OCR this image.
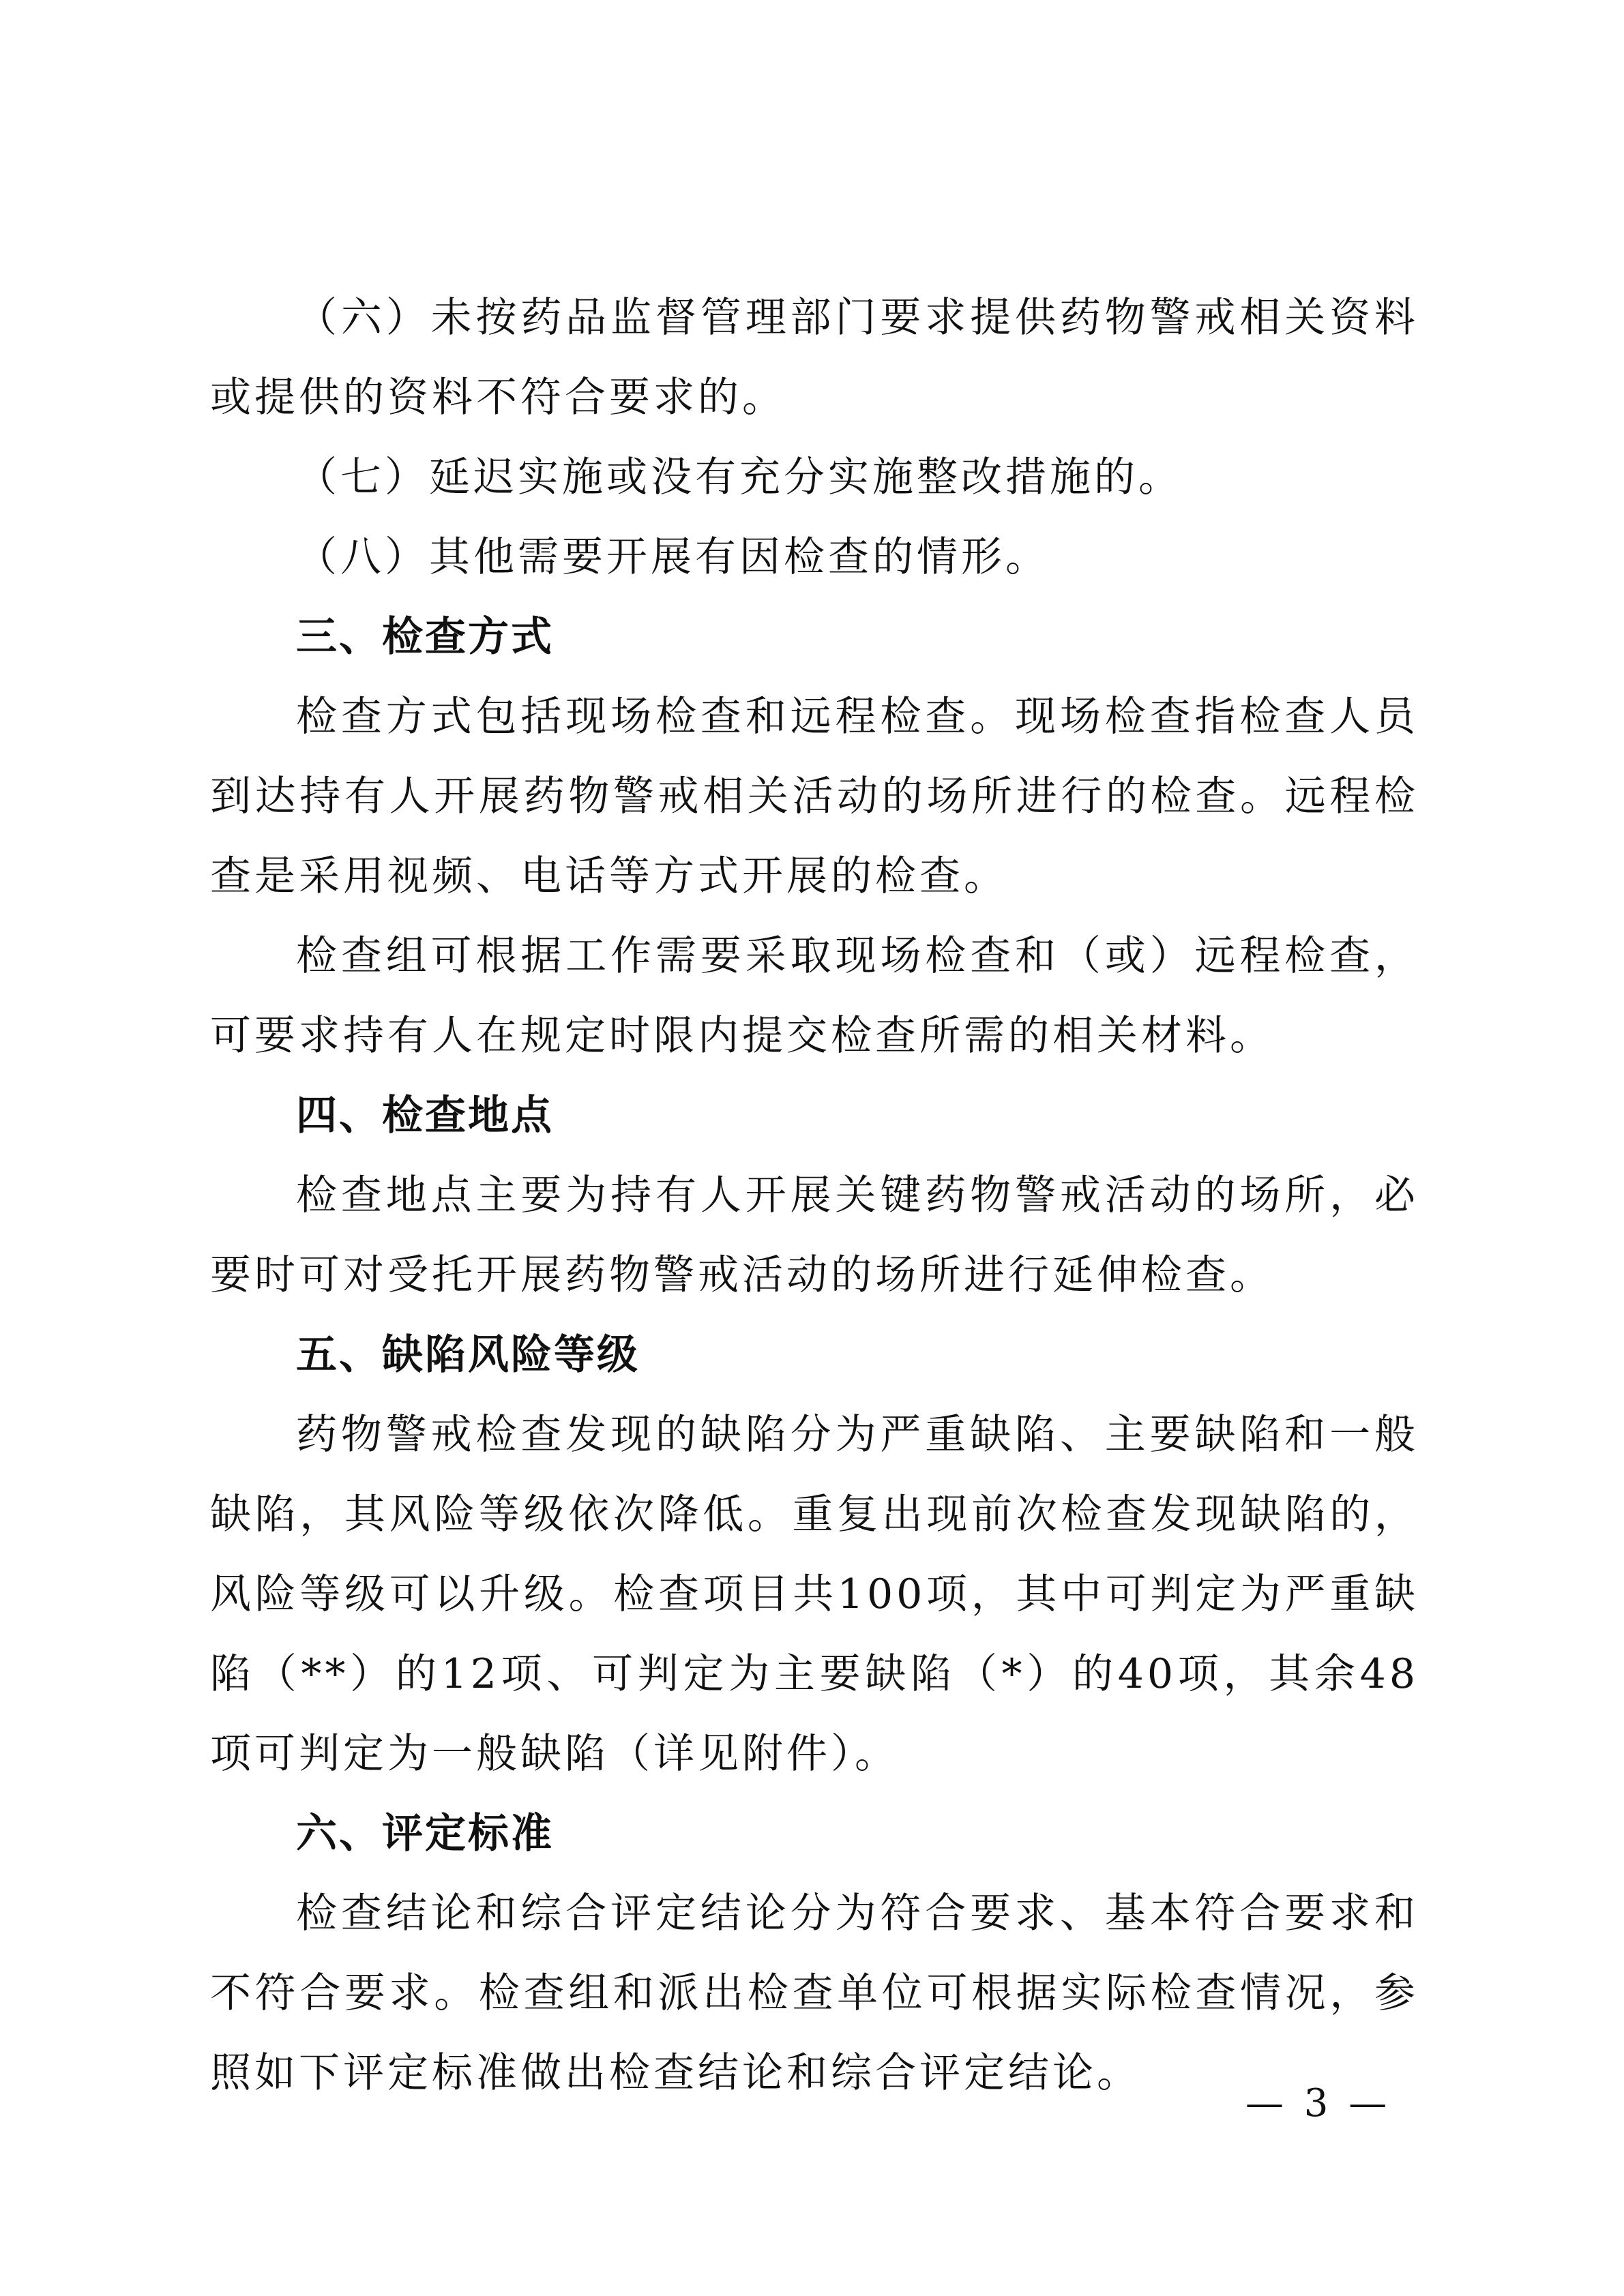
（六）未按药品监督管理部门要求提供药物警戒相关资料或提供的资料不符合要求的。

（七）延迟实施或没有充分实施整改措施的。

（八）其他需要开展有因检查的情形。

三、检查方式

检查方式包括现场检查和远程检查。现场检查指检查人员到达持有人开展药物警戒相关活动的场所进行的检查。远程检查是采用视频、电话等方式开展的检查。

检查组可根据工作需要采取现场检查和（或）远程检查，可要求持有人在规定时限内提交检查所需的相关材料。

四、检查地点

检查地点主要为持有人开展关键药物警戒活动的场所，必要时可对受托开展药物警戒活动的场所进行延伸检查。

五、缺陷风险等级

药物警戒检查发现的缺陷分为严重缺陷、主要缺陷和一般缺陷，其风险等级依次降低。重复出现前次检查发现缺陷的，风险等级可以升级。检查项目共100项，其中可判定为严重缺陷（**）的12项、可判定为主要缺陷（*）的40项，其余48项可判定为一般缺陷（详见附件）。

六、评定标准

检查结论和综合评定结论分为符合要求、基本符合要求和不符合要求。检查组和派出检查单位可根据实际检查情况，参照如下评定标准做出检查结论和综合评定结论。

— 3 —
